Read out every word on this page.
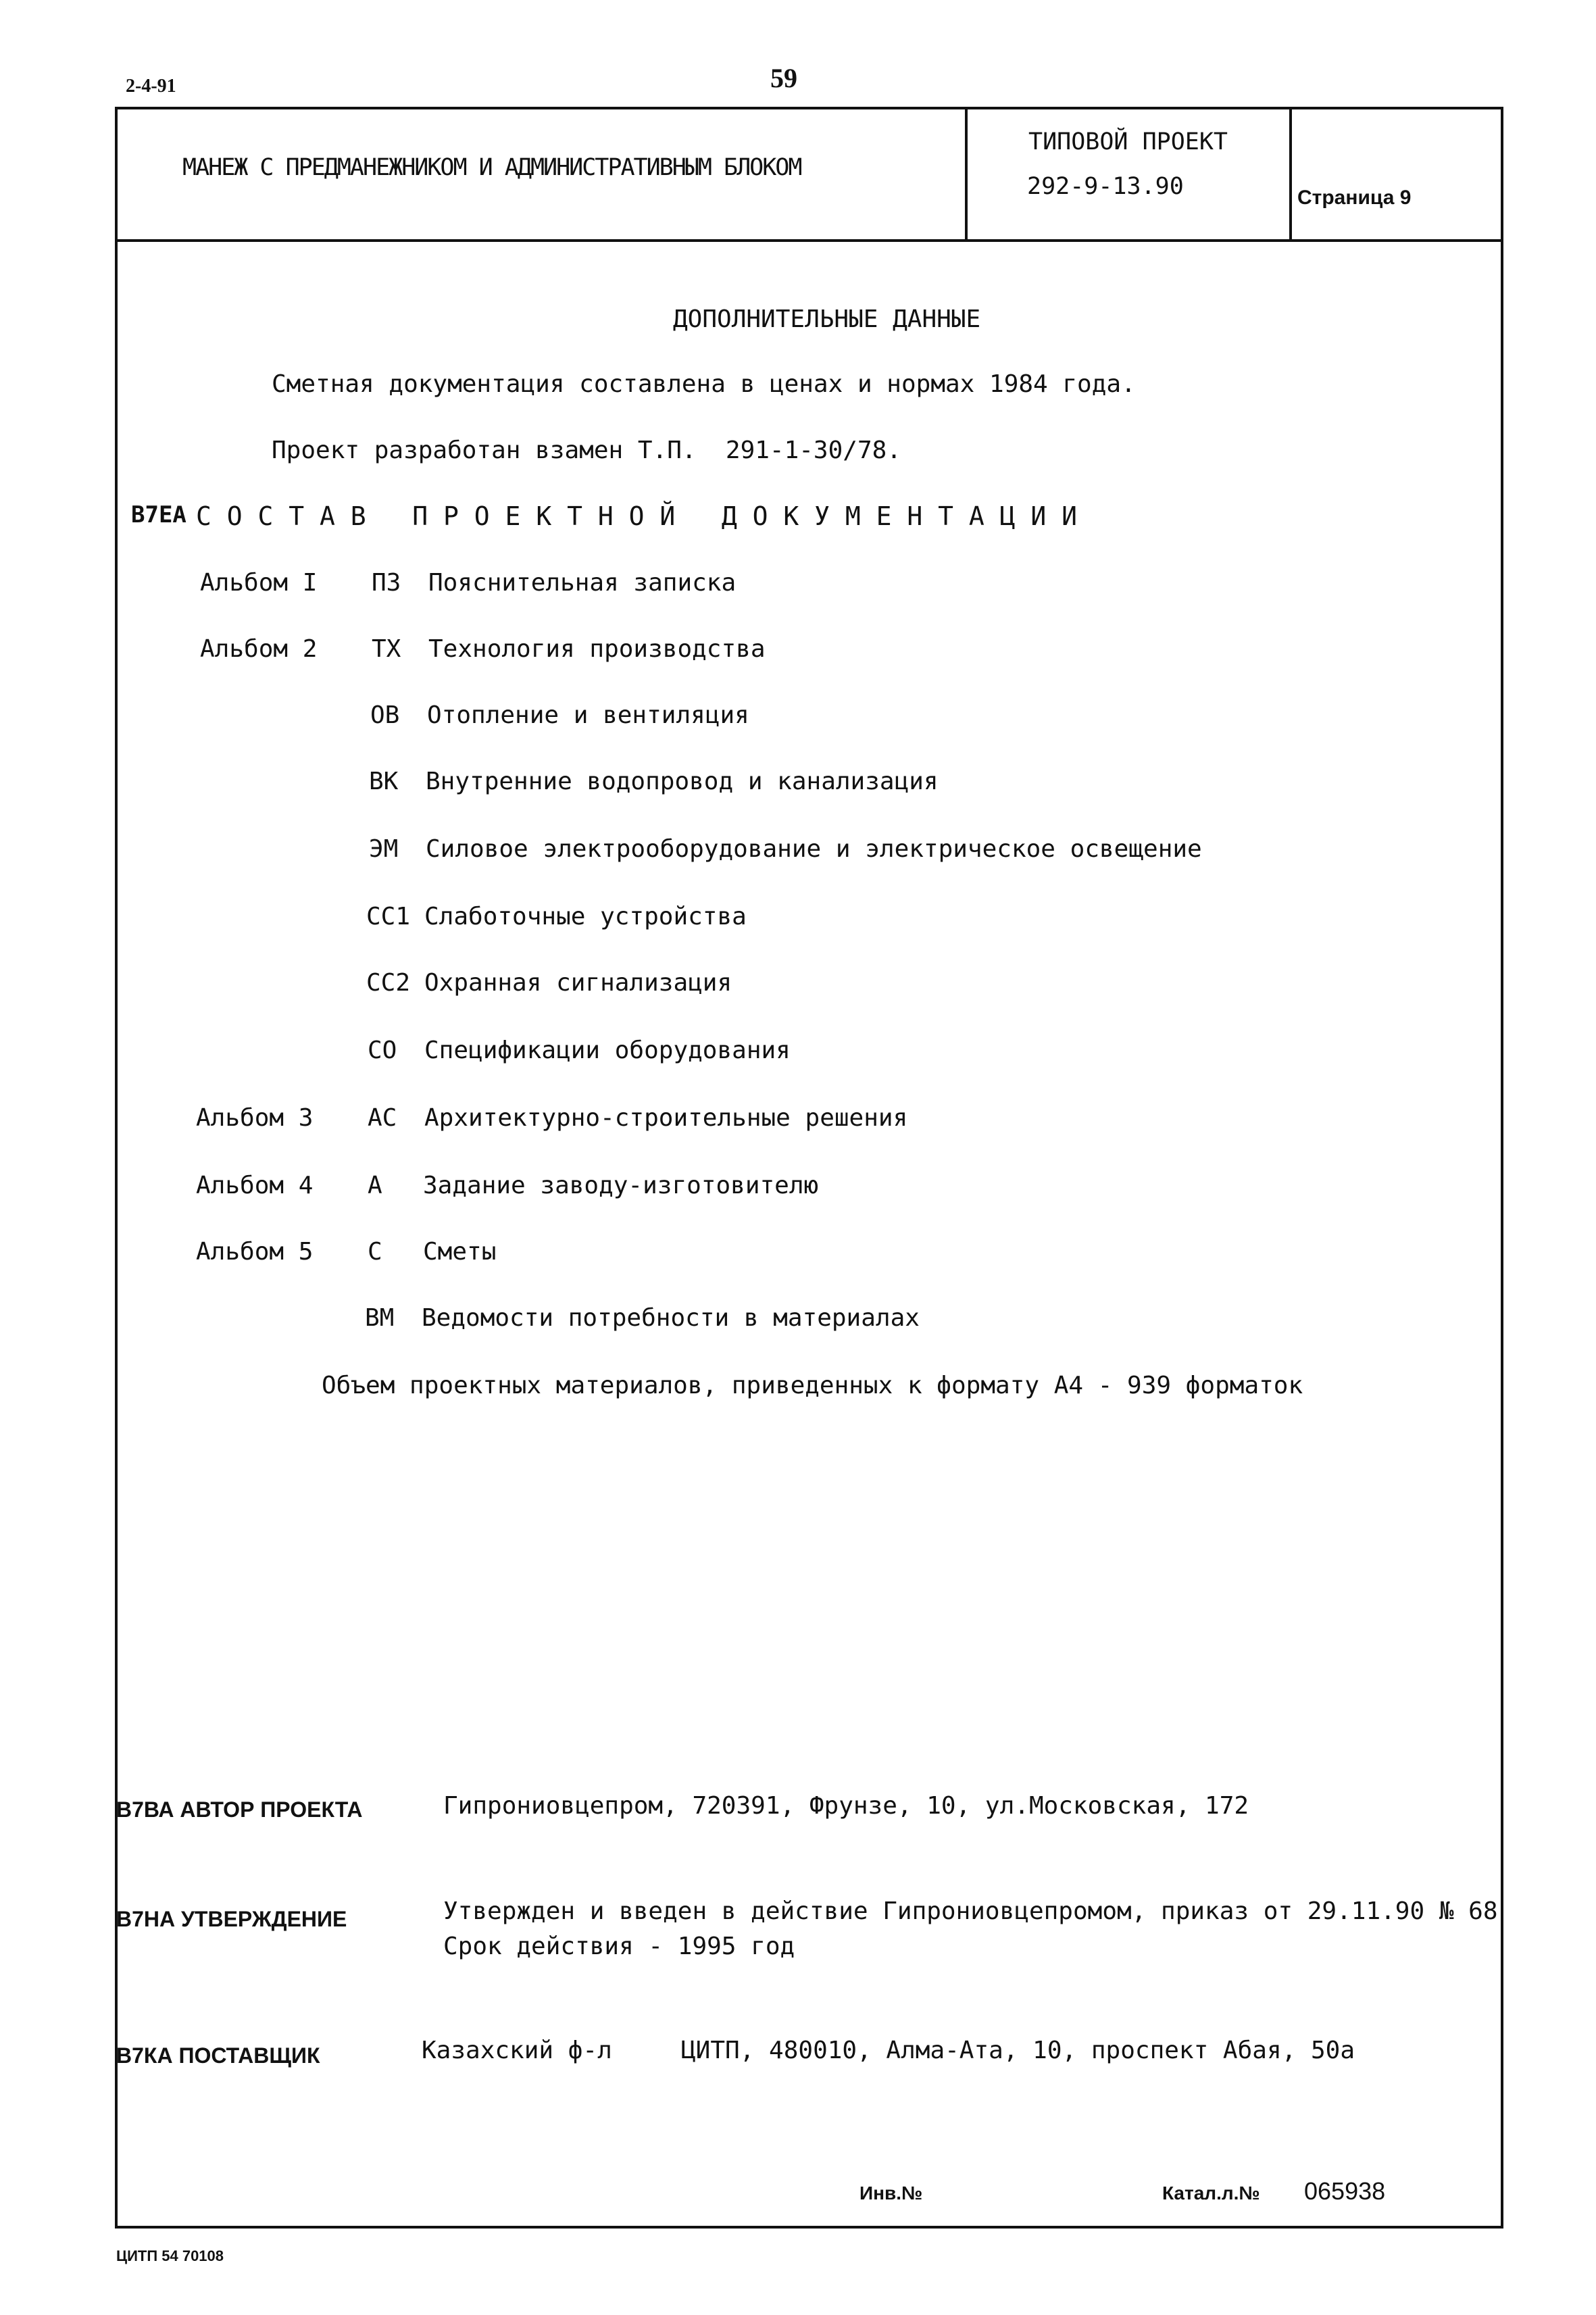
2-4-91	59
МАНЕЖ С ПРЕДМАНЕЖНИКОМ И АДМИНИСТРАТИВНЫМ БЛОКОМ
ТИПОВОЙ ПРОЕКТ
292-9-13.90	Страница 9
ДОПОЛНИТЕЛЬНЫЕ ДАННЫЕ
Сметная документация составлена в ценах и нормах 1984 года.
Проект разработан взамен Т.П.  291-1-30/78.
В7ЕА С О С Т А В   П Р О Е К Т Н О Й   Д О К У М Е Н Т А Ц И И
Альбом I ПЗ Пояснительная записка
Альбом 2 ТХ Технология производства
ОВ Отопление и вентиляция
ВК Внутренние водопровод и канализация
ЭМ Силовое электрооборудование и электрическое освещение
СС1 Слаботочные устройства
СС2 Охранная сигнализация
СО Спецификации оборудования
Альбом 3 АС Архитектурно-строительные решения
Альбом 4 А Задание заводу-изготовителю
Альбом 5 С Сметы
ВМ Ведомости потребности в материалах
Объем проектных материалов, приведенных к формату А4 - 939 форматок
В7ВА АВТОР ПРОЕКТА	Гипрониовцепром, 720391, Фрунзе, 10, ул.Московская, 172
В7НА УТВЕРЖДЕНИЕ	Утвержден и введен в действие Гипрониовцепромом, приказ от 29.11.90 № 68
Срок действия - 1995 год
В7КА ПОСТАВЩИК	Казахский ф-л	ЦИТП, 480010, Алма-Ата, 10, проспект Абая, 50а
Инв.№	Катал.л.№ 065938
ЦИТП 54 70108
